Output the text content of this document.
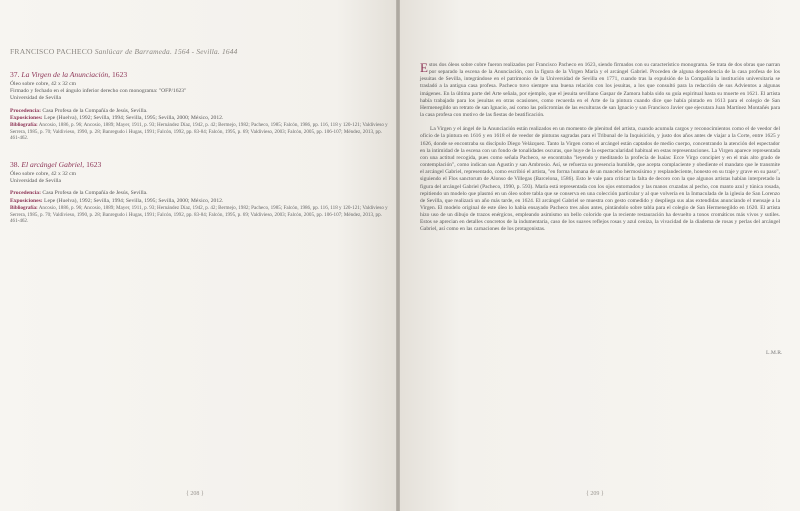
FRANCISCO PACHECO Sanlúcar de Barrameda. 1564 - Sevilla. 1644
37. La Virgen de la Anunciación, 1623
Óleo sobre cobre, 42 x 32 cm
Firmado y fechado en el ángulo inferior derecho con monograma: "OFP/1623"
Universidad de Sevilla
Procedencia: Casa Profesa de la Compañía de Jesús, Sevilla.
Exposiciones: Lepe (Huelva), 1992; Sevilla, 1994; Sevilla, 1995; Sevilla, 2000; México, 2012.
Bibliografía: Ancosio, 1886, p. 96; Ancosio, 1889; Mayer, 1911, p. 93; Hernández Díaz, 1942, p. 42; Bermejo, 1982; Pacheco, 1985; Falcón, 1986, pp. 116, 118 y 120-121; Valdivieso y Serrera, 1985, p. 70; Valdivieso, 1990, p. 28; Banregudo i Hugas, 1991; Falcón, 1992, pp. 83-84; Falcón, 1995, p. 69; Valdivieso, 2003; Falcón, 2005, pp. 106-107; Méndez, 2013, pp. 461-462.
38. El arcángel Gabriel, 1623
Óleo sobre cobre, 42 x 32 cm
Universidad de Sevilla
Procedencia: Casa Profesa de la Compañía de Jesús, Sevilla.
Exposiciones: Lepe (Huelva), 1992; Sevilla, 1994; Sevilla, 1995; Sevilla, 2000; México, 2012.
Bibliografía: Ancosio, 1886, p. 96; Ancosio, 1889; Mayer, 1911, p. 93; Hernández Díaz, 1942, p. 42; Bermejo, 1982; Pacheco, 1985; Falcón, 1986, pp. 116, 118 y 120-121; Valdivieso y Serrera, 1985, p. 70; Valdivieso, 1990, p. 28; Banregudo i Hugas, 1991; Falcón, 1992, pp. 83-84; Falcón, 1995, p. 69; Valdivieso, 2003; Falcón, 2005, pp. 106-107; Méndez, 2013, pp. 461-462.
{ 208 }

Estos dos óleos sobre cobre fueron realizados por Francisco Pacheco en 1623, siendo firmados con su característico monograma. Se trata de dos obras que narran por separado la escena de la Anunciación, con la figura de la Virgen María y el arcángel Gabriel. Proceden de alguna dependencia de la casa profesa de los jesuitas de Sevilla, integrándose en el patrimonio de la Universidad de Sevilla en 1771, cuando tras la expulsión de la Compañía la institución universitaria se trasladó a la antigua casa profesa. Pacheco tuvo siempre una buena relación con los jesuitas, a los que consultó para la redacción de sus Advientos a algunas imágenes. En la última parte del Arte señala, por ejemplo, que el jesuita sevillano Gaspar de Zamora habla sido su guía espiritual hasta su muerte en 1621. El artista había trabajado para los jesuitas en otras ocasiones, como recuerda en el Arte de la pintura cuando dice que había pintado en 1613 para el colegio de San Hermenegildo un retrato de san Ignacio, así como las policromías de las esculturas de san Ignacio y san Francisco Javier que ejecutara Juan Martínez Montañés para la casa profesa con motivo de las fiestas de beatificación.

La Virgen y el ángel de la Anunciación están realizados en un momento de plenitud del artista, cuando acumula cargos y reconocimientos como el de veedor del oficio de la pintura en 1616 y en 1618 el de veedor de pinturas sagradas para el Tribunal de la Inquisición, y justo dos años antes de viajar a la Corte, entre 1625 y 1626, donde se encontraba su discípulo Diego Velázquez. Tanto la Virgen como el arcángel están captados de medio cuerpo, concentrando la atención del espectador en la intimidad de la escena con un fondo de tonalidades oscuras, que huye de la espectacularidad habitual en estas representaciones. La Virgen aparece representada con una actitud recogida, pues como señala Pacheco, se encontraba "leyendo y meditando la profecía de Isaías: Ecce Virgo concipiet y en el más alto grado de contemplación", como indican san Agustín y san Ambrosio. Así, se refuerza su presencia humilde, que acepta complaciente y obediente el mandato que le transmite el arcángel Gabriel, representado, como escribió el artista, "en forma humana de un mancebo hermosísimo y resplandeciente, honesto en su traje y grave en su paso", siguiendo el Flos sanctorum de Alonso de Villegas (Barcelona, 1586). Esto le vale para criticar la falta de decoro con la que algunos artistas habían interpretado la figura del arcángel Gabriel (Pacheco, 1990, p. 593). María está representada con los ojos entornados y las manos cruzadas al pecho, con manto azul y túnica rosada, repitiendo un modelo que plasmó en un óleo sobre tabla que se conserva en una colección particular y al que volvería en la Inmaculada de la iglesia de San Lorenzo de Sevilla, que realizará un año más tarde, en 1624. El arcángel Gabriel se muestra con gesto comedido y despliega sus alas extendidas anunciando el mensaje a la Virgen. El modelo original de este óleo lo había ensayado Pacheco tres años antes, pintándolo sobre tabla para el colegio de San Hermenegildo en 1620. El artista hizo uso de un dibujo de trazos enérgicos, empleando asimismo un bello colorido que la reciente restauración ha devuelto a tonos cromáticos más vivos y sutiles. Estos se aprecian en detalles concretos de la indumentaria, caso de los suaves reflejos rosas y azul ceniza, la vivacidad de la diadema de rosas y perlas del arcángel Gabriel, así como en las carnaciones de los protagonistas.

L.M.R.
{ 209 }
